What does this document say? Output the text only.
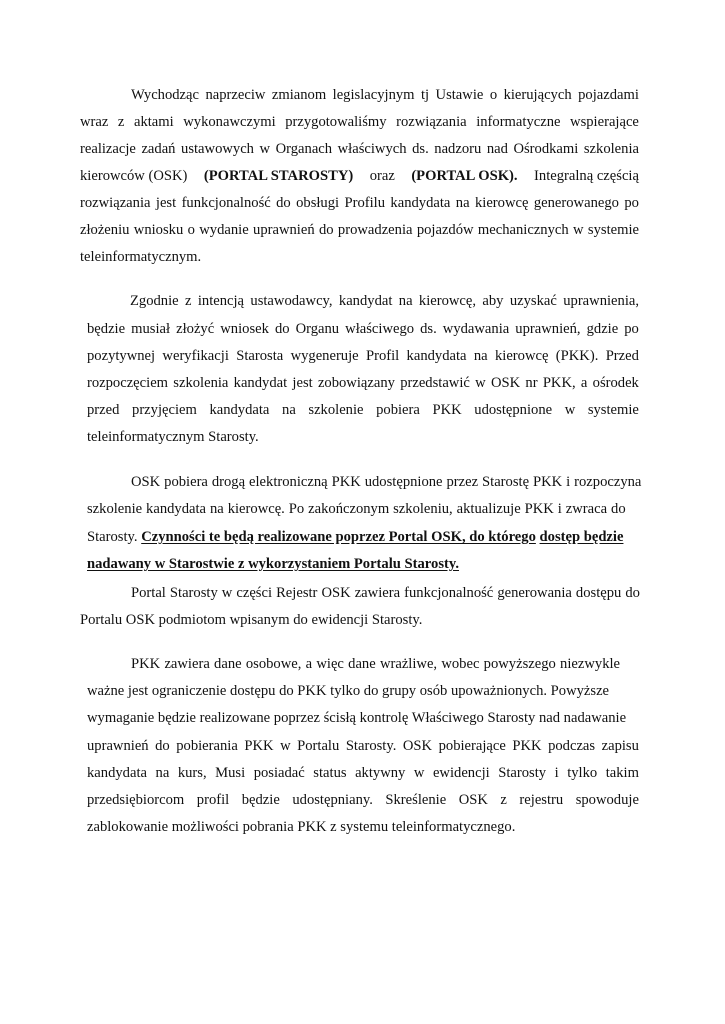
Wychodząc naprzeciw zmianom legislacyjnym tj Ustawie o kierujących pojazdami
wraz z aktami wykonawczymi przygotowaliśmy rozwiązania informatyczne wspierające
realizacje zadań ustawowych w Organach właściwych ds. nadzoru nad Ośrodkami szkolenia
kierowców (OSK) (PORTAL STAROSTY) oraz (PORTAL OSK). Integralną częścią
rozwiązania jest funkcjonalność do obsługi Profilu kandydata na kierowcę generowanego po
złożeniu wniosku o wydanie uprawnień do prowadzenia pojazdów mechanicznych w systemie
teleinformatycznym.
Zgodnie z intencją ustawodawcy, kandydat na kierowcę, aby uzyskać uprawnienia,
będzie musiał złożyć wniosek do Organu właściwego ds. wydawania uprawnień, gdzie po
pozytywnej weryfikacji Starosta wygeneruje Profil kandydata na kierowcę (PKK). Przed
rozpoczęciem szkolenia kandydat jest zobowiązany przedstawić w OSK nr PKK, a ośrodek
przed przyjęciem kandydata na szkolenie pobiera PKK udostępnione w systemie
teleinformatycznym Starosty.
OSK pobiera drogą elektroniczną PKK udostępnione przez Starostę PKK i rozpoczyna
szkolenie kandydata na kierowcę. Po zakończonym szkoleniu, aktualizuje PKK i zwraca do
Starosty. Czynności te będą realizowane poprzez Portal OSK, do którego dostęp będzie
nadawany w Starostwie z wykorzystaniem Portalu Starosty.
Portal Starosty w części Rejestr OSK zawiera funkcjonalność generowania dostępu do
Portalu OSK podmiotom wpisanym do ewidencji Starosty.
PKK zawiera dane osobowe, a więc dane wrażliwe, wobec powyższego niezwykle
ważne jest ograniczenie dostępu do PKK tylko do grupy osób upoważnionych. Powyższe
wymaganie będzie realizowane poprzez ścisłą kontrolę Właściwego Starosty nad nadawanie
uprawnień do pobierania PKK w Portalu Starosty. OSK pobierające PKK podczas zapisu
kandydata na kurs, Musi posiadać status aktywny w ewidencji Starosty i tylko takim
przedsiębiorcom profil będzie udostępniany. Skreślenie OSK z rejestru spowoduje
zablokowanie możliwości pobrania PKK z systemu teleinformatycznego.
